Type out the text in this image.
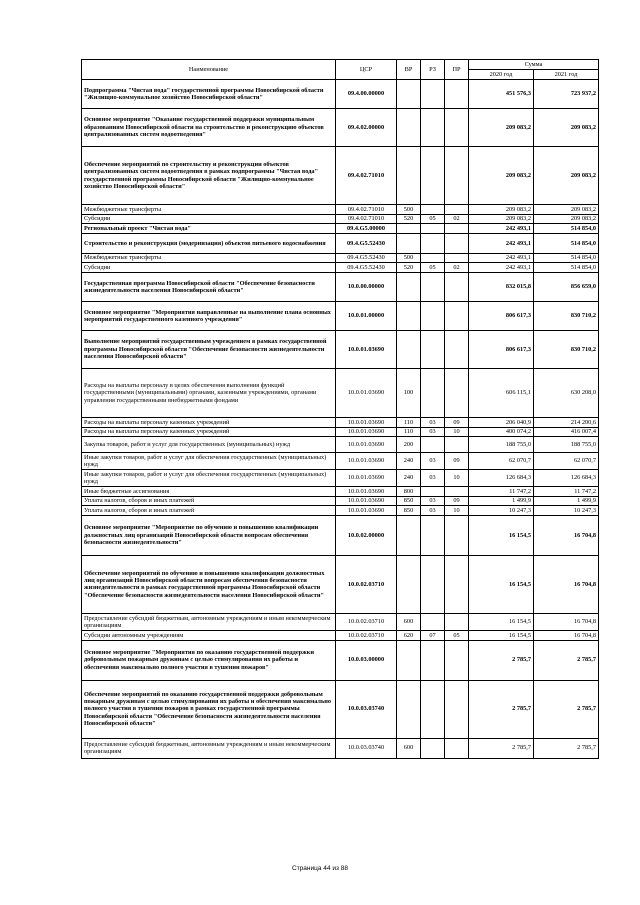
Наименование	ЦСР	ВР	РЗ	ПР	Сумма	
					2020 год	2021 год
Подпрограмма "Чистая вода" государственной программы Новосибирской области "Жилищно-коммунальное хозяйство Новосибирской области"	09.4.00.00000				451 576,3	723 937,2
Основное мероприятие "Оказание государственной поддержки муниципальным образованиям Новосибирской области на строительство и реконструкцию объектов централизованных систем водоотведения"	09.4.02.00000				209 083,2	209 083,2
Обеспечение мероприятий по строительству и реконструкции объектов централизованных систем водоотведения в рамках подпрограммы "Чистая вода" государственной программы Новосибирской области "Жилищно-коммунальное хозяйство Новосибирской области"	09.4.02.71010				209 083,2	209 083,2
Межбюджетные трансферты	09.4.02.71010	500			209 083,2	209 083,2
Субсидии	09.4.02.71010	520	05	02	209 083,2	209 083,2
Региональный проект "Чистая вода"	09.4.G5.00000				242 493,1	514 854,0
Строительство и реконструкция (модернизация) объектов питьевого водоснабжения	09.4.G5.52430				242 493,1	514 854,0
Межбюджетные трансферты	09.4.G5.52430	500			242 493,1	514 854,0
Субсидии	09.4.G5.52430	520	05	02	242 493,1	514 854,0
Государственная программа Новосибирской области "Обеспечение безопасности жизнедеятельности населения Новосибирской области"	10.0.00.00000				832 015,8	856 659,0
Основное мероприятие "Мероприятия направленные на выполнение плана основных мероприятий государственного казенного учреждения"	10.0.01.00000				806 617,3	830 710,2
Выполнение мероприятий государственным учреждением в рамках государственной программы Новосибирской области "Обеспечение безопасности жизнедеятельности населения Новосибирской области"	10.0.01.03690				806 617,3	830 710,2
Расходы на выплаты персоналу в целях обеспечения выполнения функций государственными (муниципальными) органами, казенными учреждениями, органами управления государственными внебюджетными фондами	10.0.01.03690	100			606 115,1	630 208,0
Расходы на выплаты персоналу казенных учреждений	10.0.01.03690	110	03	09	206 040,9	214 200,6
Расходы на выплаты персоналу казенных учреждений	10.0.01.03690	110	03	10	400 074,2	416 007,4
Закупка товаров, работ и услуг для государственных (муниципальных) нужд	10.0.01.03690	200			188 755,0	188 755,0
Иные закупки товаров, работ и услуг для обеспечения государственных (муниципальных) нужд	10.0.01.03690	240	03	09	62 070,7	62 070,7
Иные закупки товаров, работ и услуг для обеспечения государственных (муниципальных) нужд	10.0.01.03690	240	03	10	126 684,3	126 684,3
Иные бюджетные ассигнования	10.0.01.03690	800			11 747,2	11 747,2
Уплата налогов, сборов и иных платежей	10.0.01.03690	850	03	09	1 499,9	1 499,9
Уплата налогов, сборов и иных платежей	10.0.01.03690	850	03	10	10 247,3	10 247,3
Основное мероприятие "Мероприятие по обучению и повышению квалификации должностных лиц организаций Новосибирской области вопросам обеспечения безопасности жизнедеятельности"	10.0.02.00000				16 154,5	16 704,8
Обеспечение мероприятий по обучению и повышению квалификации должностных лиц организаций Новосибирской области вопросам обеспечения безопасности жизнедеятельности в рамках государственной программы Новосибирской области "Обеспечение безопасности жизнедеятельности населения Новосибирской области"	10.0.02.03710				16 154,5	16 704,8
Предоставление субсидий бюджетным, автономным учреждениям и иным некоммерческим организациям	10.0.02.03710	600			16 154,5	16 704,8
Субсидии автономным учреждениям	10.0.02.03710	620	07	05	16 154,5	16 704,8
Основное мероприятие "Мероприятия по оказанию государственной поддержки добровольным пожарным дружинам с целью стимулирования их работы и обеспечения максимально полного участия в тушении пожаров"	10.0.03.00000				2 785,7	2 785,7
Обеспечение мероприятий по оказанию государственной поддержки добровольным пожарным дружинам с целью стимулирования их работы и обеспечения максимально полного участия в тушении пожаров в рамках государственной программы Новосибирской области "Обеспечение безопасности жизнедеятельности населения Новосибирской области"	10.0.03.03740				2 785,7	2 785,7
Предоставление субсидий бюджетным, автономным учреждениям и иным некоммерческим организациям	10.0.03.03740	600			2 785,7	2 785,7
Страница 44 из 88
